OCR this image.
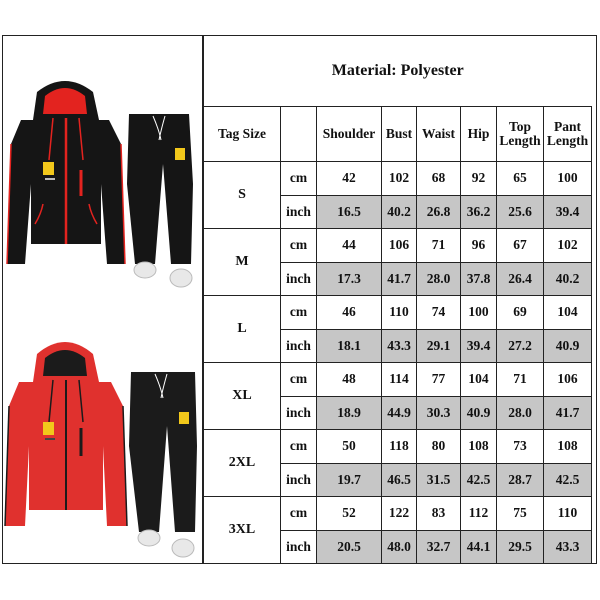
Material: Polyester							
Tag Size		Shoulder	Bust	Waist	Hip	Top Length	Pant Length
S	cm	42	102	68	92	65	100
	inch	16.5	40.2	26.8	36.2	25.6	39.4
M	cm	44	106	71	96	67	102
	inch	17.3	41.7	28.0	37.8	26.4	40.2
L	cm	46	110	74	100	69	104
	inch	18.1	43.3	29.1	39.4	27.2	40.9
XL	cm	48	114	77	104	71	106
	inch	18.9	44.9	30.3	40.9	28.0	41.7
2XL	cm	50	118	80	108	73	108
	inch	19.7	46.5	31.5	42.5	28.7	42.5
3XL	cm	52	122	83	112	75	110
	inch	20.5	48.0	32.7	44.1	29.5	43.3
